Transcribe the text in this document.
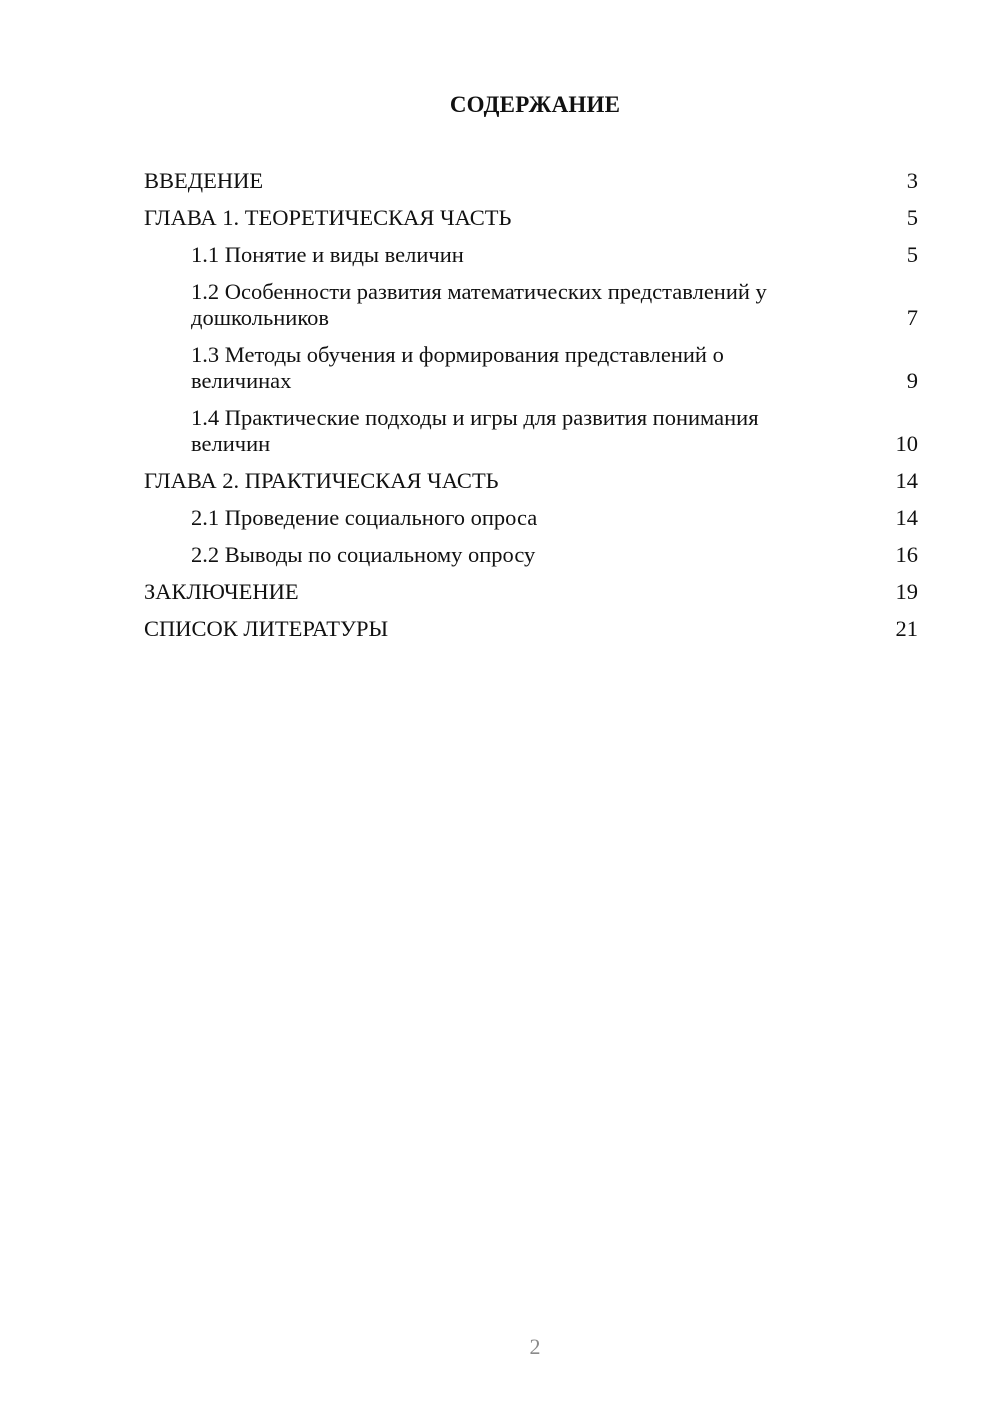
СОДЕРЖАНИЕ
ВВЕДЕНИЕ	3
ГЛАВА 1. ТЕОРЕТИЧЕСКАЯ ЧАСТЬ	5
1.1 Понятие и виды величин	5
1.2 Особенности развития математических представлений у дошкольников	7
1.3 Методы обучения и формирования представлений о величинах	9
1.4 Практические подходы и игры для развития понимания величин	10
ГЛАВА 2. ПРАКТИЧЕСКАЯ ЧАСТЬ	14
2.1 Проведение социального опроса	14
2.2 Выводы по социальному опросу	16
ЗАКЛЮЧЕНИЕ	19
СПИСОК ЛИТЕРАТУРЫ	21
2
